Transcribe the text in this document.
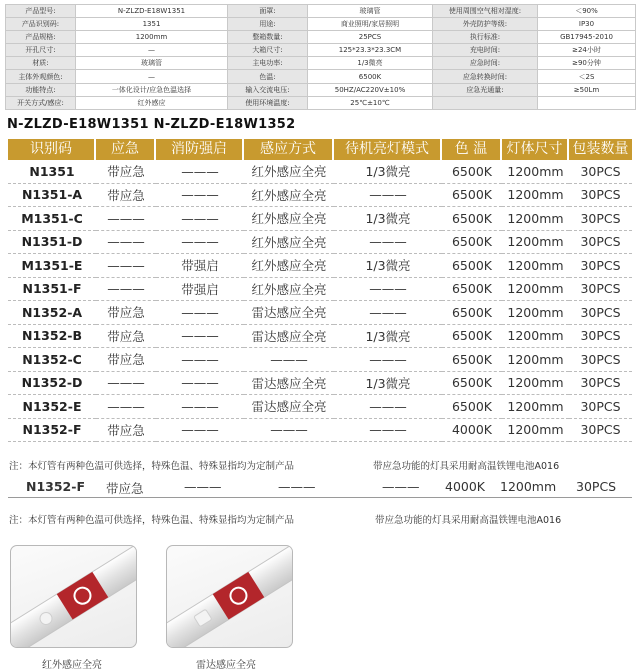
产品型号:	N-ZLZD-E18W1351	面罩:	玻璃管	使用周围空气相对湿度:	＜90%
产品识别码:	1351	用途:	商业照明/家居照明	外壳防护等级:	IP30
产品规格:	1200mm	整箱数量:	25PCS	执行标准:	GB17945-2010
开孔尺寸:	—	大箱尺寸:	125*23.3*23.3CM	充电时间:	≥24小时
材质:	玻璃管	主电功率:	1/3微亮	应急时间:	≥90分钟
主体外观颜色:	—	色温:	6500K	应急转换时间:	＜2S
功能特点:	一体化设计/应急色温选择	输入交流电压:	50HZ/AC220V±10%	应急光通量:	≥50Lm
开关方式/感应:	红外感应	使用环境温度:	25℃±10℃		
N-ZLZD-E18W1351 N-ZLZD-E18W1352
识别码	应急	消防强启	感应方式	待机亮灯模式	色 温	灯体尺寸	包装数量
N1351	带应急	———	红外感应全亮	1/3微亮	6500K	1200mm	30PCS
N1351-A	带应急	———	红外感应全亮	———	6500K	1200mm	30PCS
M1351-C	———	———	红外感应全亮	1/3微亮	6500K	1200mm	30PCS
N1351-D	———	———	红外感应全亮	———	6500K	1200mm	30PCS
M1351-E	———	带强启	红外感应全亮	1/3微亮	6500K	1200mm	30PCS
N1351-F	———	带强启	红外感应全亮	———	6500K	1200mm	30PCS
N1352-A	带应急	———	雷达感应全亮	———	6500K	1200mm	30PCS
N1352-B	带应急	———	雷达感应全亮	1/3微亮	6500K	1200mm	30PCS
N1352-C	带应急	———	———	———	6500K	1200mm	30PCS
N1352-D	———	———	雷达感应全亮	1/3微亮	6500K	1200mm	30PCS
N1352-E	———	———	雷达感应全亮	———	6500K	1200mm	30PCS
N1352-F	带应急	———	———	———	4000K	1200mm	30PCS
注：本灯管有两种色温可供选择，特殊色温、特殊显指均为定制产品	带应急功能的灯具采用耐高温铁锂电池A016
N1352-F 带应急	———	———	——— 4000K 1200mm 30PCS
注：本灯管有两种色温可供选择，特殊色温、特殊显指均为定制产品	带应急功能的灯具采用耐高温铁锂电池A016
红外感应全亮	雷达感应全亮
